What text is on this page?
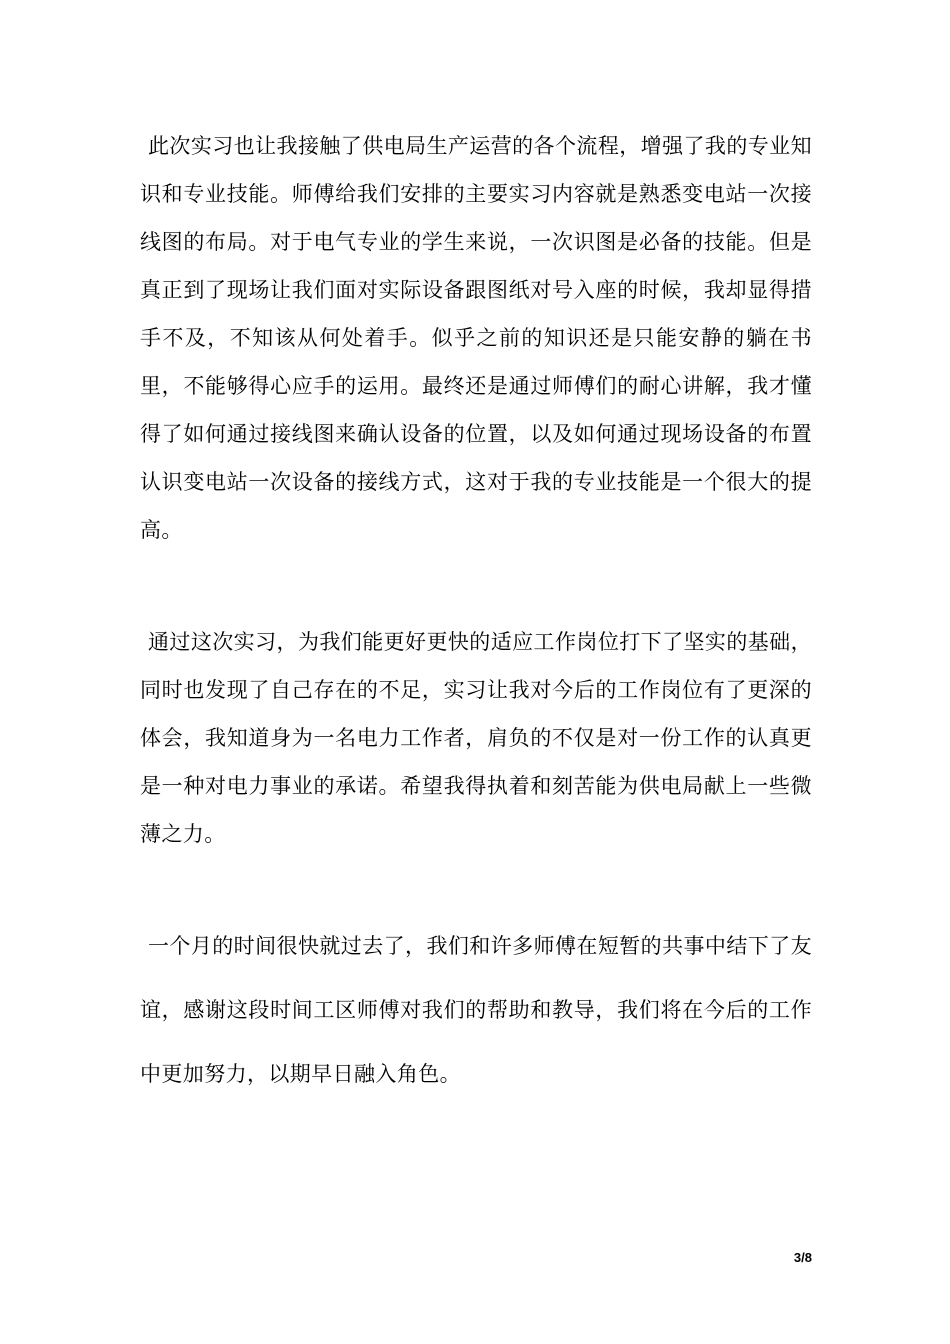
此次实习也让我接触了供电局生产运营的各个流程，增强了我的专业知识和专业技能。师傅给我们安排的主要实习内容就是熟悉变电站一次接线图的布局。对于电气专业的学生来说，一次识图是必备的技能。但是真正到了现场让我们面对实际设备跟图纸对号入座的时候，我却显得措手不及，不知该从何处着手。似乎之前的知识还是只能安静的躺在书里，不能够得心应手的运用。最终还是通过师傅们的耐心讲解，我才懂得了如何通过接线图来确认设备的位置，以及如何通过现场设备的布置认识变电站一次设备的接线方式，这对于我的专业技能是一个很大的提高。

通过这次实习，为我们能更好更快的适应工作岗位打下了坚实的基础，同时也发现了自己存在的不足，实习让我对今后的工作岗位有了更深的体会，我知道身为一名电力工作者，肩负的不仅是对一份工作的认真更是一种对电力事业的承诺。希望我得执着和刻苦能为供电局献上一些微薄之力。

一个月的时间很快就过去了，我们和许多师傅在短暂的共事中结下了友谊，感谢这段时间工区师傅对我们的帮助和教导，我们将在今后的工作中更加努力，以期早日融入角色。

3/8
